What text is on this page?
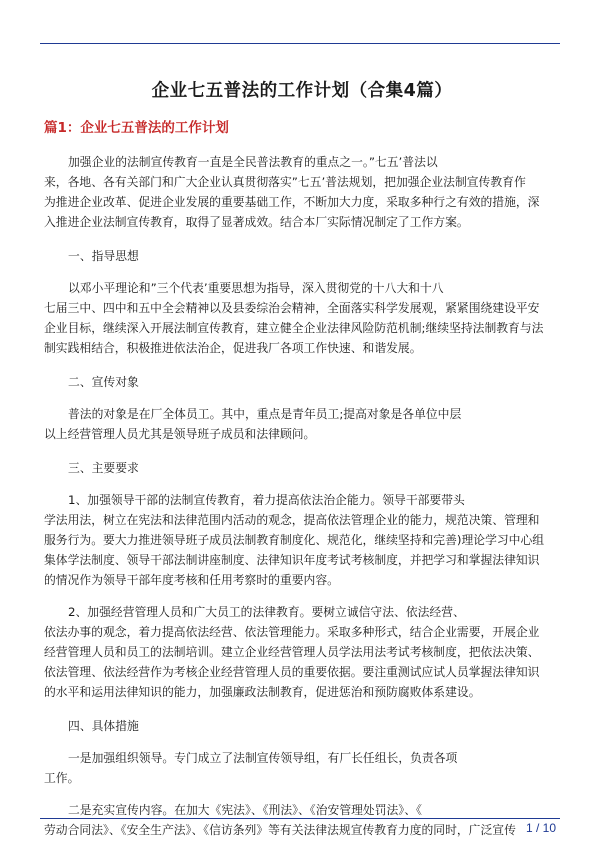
企业七五普法的工作计划（合集4篇）
篇1：企业七五普法的工作计划

加强企业的法制宣传教育一直是全民普法教育的重点之一。”七五’普法以

来，各地、各有关部门和广大企业认真贯彻落实”七五’普法规划，把加强企业法制宣传教育作

为推进企业改革、促进企业发展的重要基础工作，不断加大力度，采取多种行之有效的措施，深

入推进企业法制宣传教育，取得了显著成效。结合本厂实际情况制定了工作方案。

一、指导思想

以邓小平理论和”三个代表’重要思想为指导，深入贯彻党的十八大和十八

七届三中、四中和五中全会精神以及县委综治会精神，全面落实科学发展观，紧紧围绕建设平安

企业目标，继续深入开展法制宣传教育，建立健全企业法律风险防范机制;继续坚持法制教育与法

制实践相结合，积极推进依法治企，促进我厂各项工作快速、和谐发展。

二、宣传对象

普法的对象是在厂全体员工。其中，重点是青年员工;提高对象是各单位中层

以上经营管理人员尤其是领导班子成员和法律顾问。

三、主要要求

1、加强领导干部的法制宣传教育，着力提高依法治企能力。领导干部要带头

学法用法，树立在宪法和法律范围内活动的观念，提高依法管理企业的能力，规范决策、管理和

服务行为。要大力推进领导班子成员法制教育制度化、规范化，继续坚持和完善)理论学习中心组

集体学法制度、领导干部法制讲座制度、法律知识年度考试考核制度，并把学习和掌握法律知识

的情况作为领导干部年度考核和任用考察时的重要内容。

2、加强经营管理人员和广大员工的法律教育。要树立诚信守法、依法经营、

依法办事的观念，着力提高依法经营、依法管理能力。采取多种形式，结合企业需要，开展企业

经营管理人员和员工的法制培训。建立企业经营管理人员学法用法考试考核制度，把依法决策、

依法管理、依法经营作为考核企业经营管理人员的重要依据。要注重测试应试人员掌握法律知识

的水平和运用法律知识的能力，加强廉政法制教育，促进惩治和预防腐败体系建设。

四、具体措施

一是加强组织领导。专门成立了法制宣传领导组，有厂长任组长，负责各项

工作。

二是充实宣传内容。在加大《宪法》、《刑法》、《治安管理处罚法》、《

劳动合同法》、《安全生产法》、《信访条列》等有关法律法规宣传教育力度的同时，广泛宣传 1 / 10
